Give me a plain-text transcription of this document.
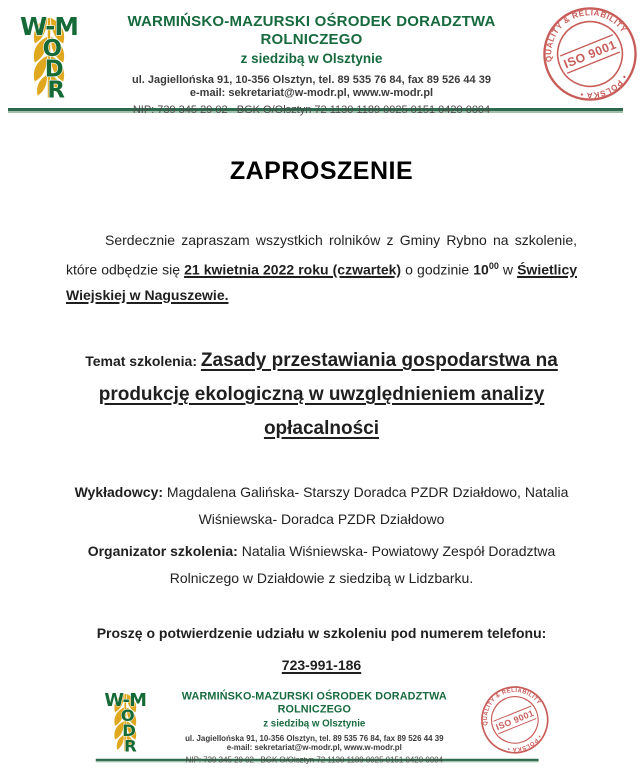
W-M
O
D
R
WARMIŃSKO-MAZURSKI OŚRODEK DORADZTWA ROLNICZEGO
z siedzibą w Olsztynie
ul. Jagiellońska 91, 10-356 Olsztyn, tel. 89 535 76 84, fax 89 526 44 39
e-mail: sekretariat@w-modr.pl, www.w-modr.pl
NIP: 739 345 29 02   BGK O/Olsztyn 72 1130 1189 0025 0151 0420 0004
QUALITY & RELIABILITY
• POLSKA •
ISO 9001
ZAPROSZENIE

Serdecznie zapraszam wszystkich rolników z Gminy Rybno na szkolenie, które odbędzie się 21 kwietnia 2022 roku (czwartek) o godzinie $10^{00}$ w Świetlicy Wiejskiej w Naguszewie.

Temat szkolenia: Zasady przestawiania gospodarstwa na produkcję ekologiczną w uwzględnieniem analizy opłacalności
Wykładowcy: Magdalena Galińska- Starszy Doradca PZDR Działdowo, Natalia Wiśniewska- Doradca PZDR Działdowo
Organizator szkolenia: Natalia Wiśniewska- Powiatowy Zespół Doradztwa Rolniczego w Działdowie z siedzibą w Lidzbarku.
Proszę o potwierdzenie udziału w szkoleniu pod numerem telefonu:
723-991-186
W-M
O
D
R
WARMIŃSKO-MAZURSKI OŚRODEK DORADZTWA ROLNICZEGO
z siedzibą w Olsztynie
ul. Jagiellońska 91, 10-356 Olsztyn, tel. 89 535 76 84, fax 89 526 44 39
e-mail: sekretariat@w-modr.pl, www.w-modr.pl
NIP: 739 345 29 02   BGK O/Olsztyn 72 1130 1189 0025 0151 0420 0004
QUALITY & RELIABILITY
• POLSKA •
ISO 9001
